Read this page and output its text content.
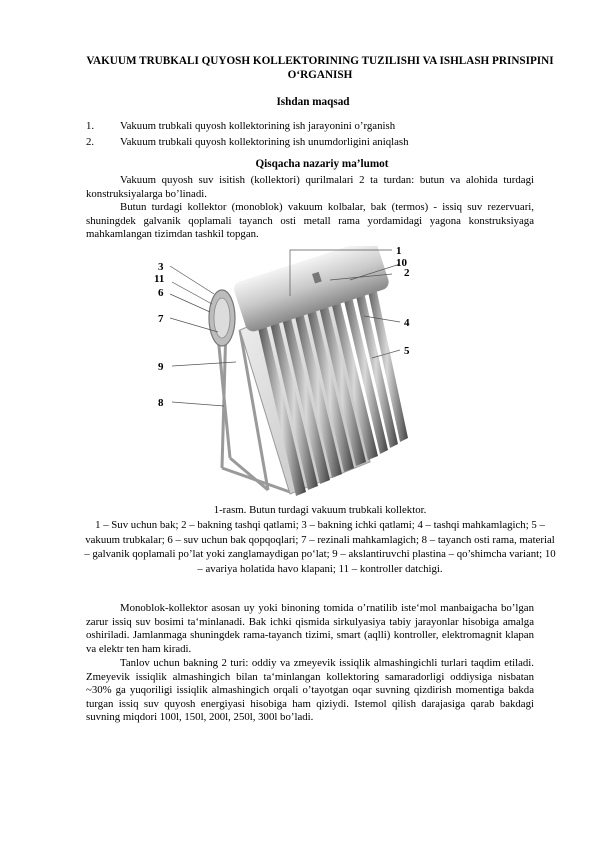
VAKUUM TRUBKALI QUYOSH KOLLEKTORINING TUZILISHI VA ISHLASH PRINSIPINI O‘RGANISH
Ishdan maqsad
1. Vakuum trubkali quyosh kollektorining ish jarayonini o’rganish
2. Vakuum trubkali quyosh kollektorining ish unumdorligini aniqlash
Qisqacha nazariy ma’lumot

Vakuum quyosh suv isitish (kollektori) qurilmalari 2 ta turdan: butun va alohida turdagi konstruksiyalarga bo’linadi.

Butun turdagi kollektor (monoblok) vakuum kolbalar, bak (termos) - issiq suv rezervuari, shuningdek galvanik qoplamali tayanch osti metall rama yordamidagi yagona konstruksiyaga mahkamlangan tizimdan tashkil topgan.

3
11
6
7
9
8
1
10
2
4
5
1-rasm. Butun turdagi vakuum trubkali kollektor.
1 – Suv uchun bak; 2 – bakning tashqi qatlami; 3 – bakning ichki qatlami; 4 – tashqi mahkamlagich; 5 – vakuum trubkalar; 6 – suv uchun bak qopqoqlari; 7 – rezinali mahkamlagich; 8 – tayanch osti rama, material – galvanik qoplamali po’lat yoki zanglamaydigan po‘lat; 9 – akslantiruvchi plastina – qo’shimcha variant; 10 – avariya holatida havo klapani; 11 – kontroller datchigi.

Monoblok-kollektor asosan uy yoki binoning tomida o’rnatilib iste‘mol manbaigacha bo’lgan zarur issiq suv bosimi ta‘minlanadi. Bak ichki qismida sirkulyasiya tabiy jarayonlar hisobiga amalga oshiriladi. Jamlanmaga shuningdek rama-tayanch tizimi, smart (aqlli) kontroller, elektromagnit klapan va elektr ten ham kiradi.

Tanlov uchun bakning 2 turi: oddiy va zmeyevik issiqlik almashingichli turlari taqdim etiladi. Zmeyevik issiqlik almashingich bilan ta‘minlangan kollektoring samaradorligi oddiysiga nisbatan ~30% ga yuqoriligi issiqlik almashingich orqali o’tayotgan oqar suvning qizdirish momentiga bakda turgan issiq suv quyosh energiyasi hisobiga ham qiziydi. Istemol qilish darajasiga qarab bakdagi suvning miqdori 100l, 150l, 200l, 250l, 300l bo’ladi.
